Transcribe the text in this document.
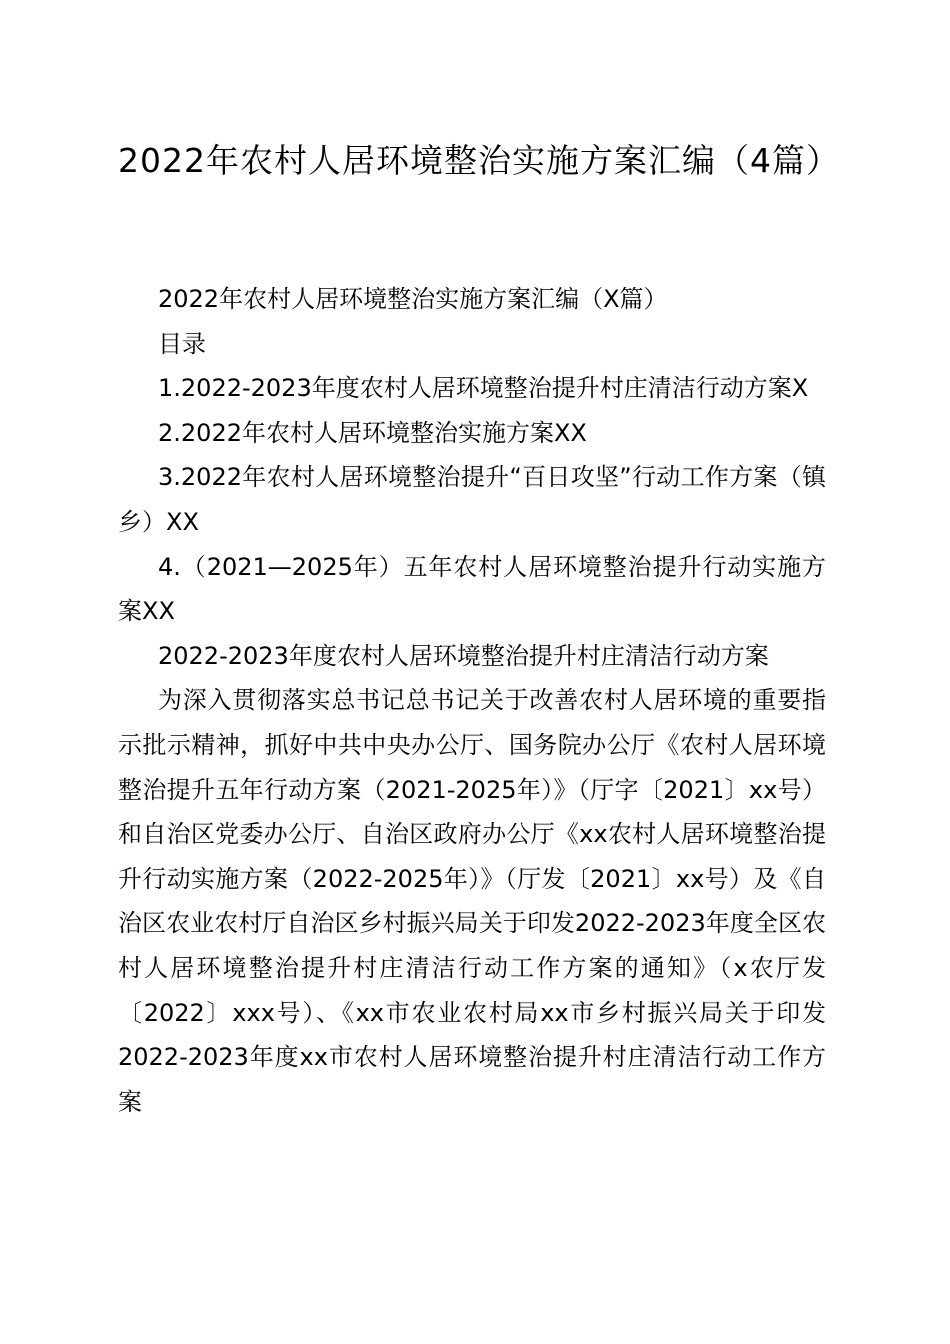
2022年农村人居环境整治实施方案汇编（4篇）

2022年农村人居环境整治实施方案汇编（X篇）

目录

1.2022-2023年度农村人居环境整治提升村庄清洁行动方案X

2.2022年农村人居环境整治实施方案XX

3.2022年农村人居环境整治提升“百日攻坚”行动工作方案（镇乡）XX

4.（2021—2025年）五年农村人居环境整治提升行动实施方案XX

2022-2023年度农村人居环境整治提升村庄清洁行动方案

为深入贯彻落实总书记总书记关于改善农村人居环境的重要指示批示精神，抓好中共中央办公厅、国务院办公厅《农村人居环境整治提升五年行动方案（2021-2025年）》（厅字〔2021〕xx号）和自治区党委办公厅、自治区政府办公厅《xx农村人居环境整治提升行动实施方案（2022-2025年）》（厅发〔2021〕xx号）及《自治区农业农村厅自治区乡村振兴局关于印发2022-2023年度全区农村人居环境整治提升村庄清洁行动工作方案的通知》（x农厅发〔2022〕xxx号）、《xx市农业农村局xx市乡村振兴局关于印发2022-2023年度xx市农村人居环境整治提升村庄清洁行动工作方案
